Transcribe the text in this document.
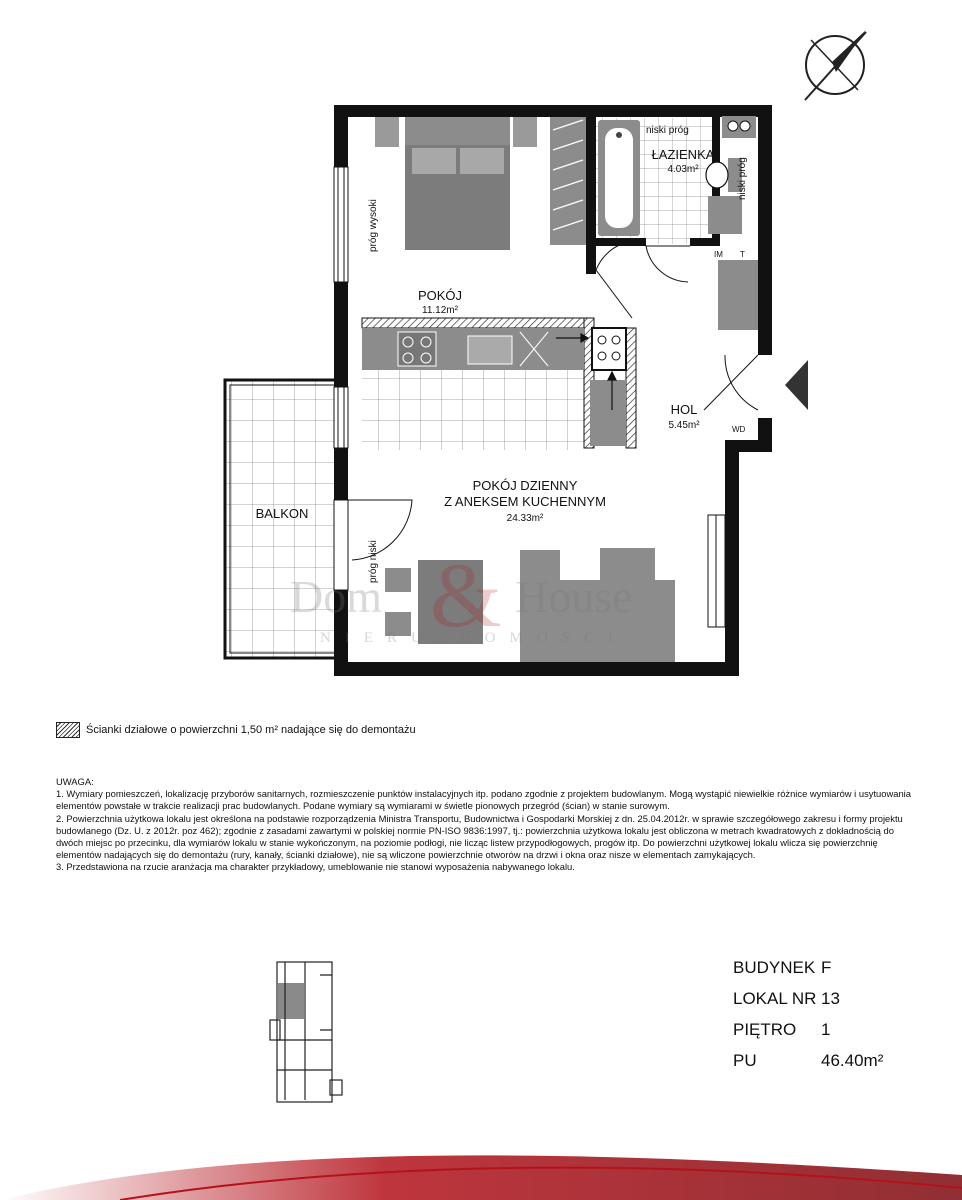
POKÓJ
11.12m²
ŁAZIENKA
4.03m²
HOL
5.45m²
POKÓJ DZIENNY
Z ANEKSEM KUCHENNYM
24.33m²
BALKON
próg wysoki
próg niski
niski próg
niski próg
WD
IM T
Dom & House
NIERUCHOMOŚCI
Ścianki działowe o powierzchni 1,50 m² nadające się do demontażu

UWAGA:

1. Wymiary pomieszczeń, lokalizację przyborów sanitarnych, rozmieszczenie punktów instalacyjnych itp. podano zgodnie z projektem budowlanym. Mogą wystąpić niewielkie różnice wymiarów i usytuowania elementów powstałe w trakcie realizacji prac budowlanych. Podane wymiary są wymiarami w świetle pionowych przegród (ścian) w stanie surowym.

2. Powierzchnia użytkowa lokalu jest określona na podstawie rozporządzenia Ministra Transportu, Budownictwa i Gospodarki Morskiej z dn. 25.04.2012r. w sprawie szczegółowego zakresu i formy projektu budowlanego (Dz. U. z 2012r. poz 462); zgodnie z zasadami zawartymi w polskiej normie PN-ISO 9836:1997, tj.: powierzchnia użytkowa lokalu jest obliczona w metrach kwadratowych z dokładnością do dwóch miejsc po przecinku, dla wymiarów lokalu w stanie wykończonym, na poziomie podłogi, nie licząc listew przypodłogowych, progów itp. Do powierzchni użytkowej lokalu wlicza się powierzchnię elementów nadających się do demontażu (rury, kanały, ścianki działowe), nie są wliczone powierzchnie otworów na drzwi i okna oraz nisze w elementach zamykających.

3. Przedstawiona na rzucie aranżacja ma charakter przykładowy, umeblowanie nie stanowi wyposażenia nabywanego lokalu.

BUDYNEK F
LOKAL NR 13
PIĘTRO	1
PU	46.40m²
